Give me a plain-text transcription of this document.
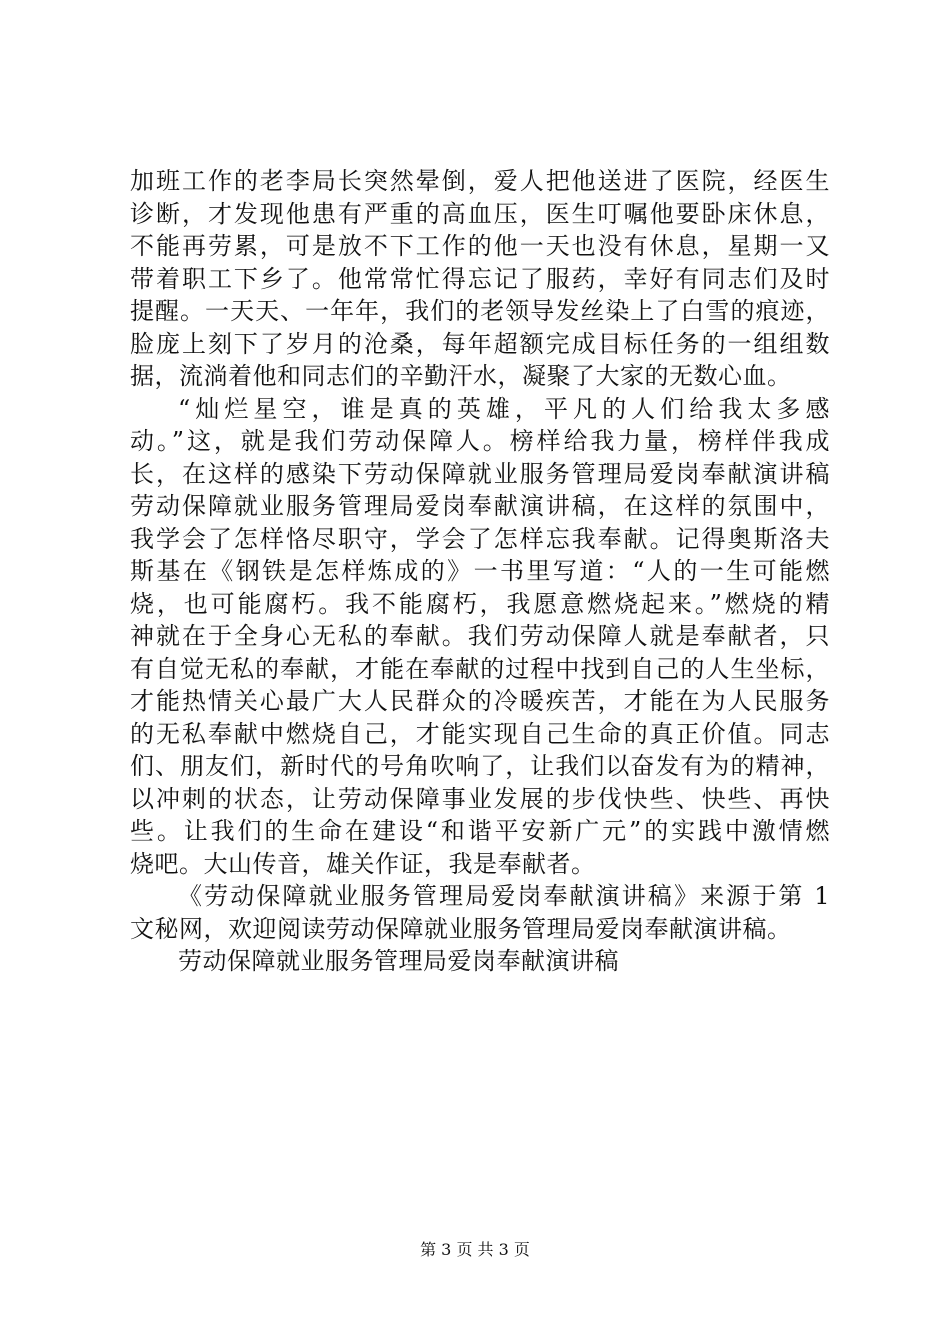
加班工作的老李局长突然晕倒，爱人把他送进了医院，经医生
诊断，才发现他患有严重的高血压，医生叮嘱他要卧床休息，
不能再劳累，可是放不下工作的他一天也没有休息，星期一又
带着职工下乡了。他常常忙得忘记了服药，幸好有同志们及时
提醒。一天天、一年年，我们的老领导发丝染上了白雪的痕迹，
脸庞上刻下了岁月的沧桑，每年超额完成目标任务的一组组数
据，流淌着他和同志们的辛勤汗水，凝聚了大家的无数心血。
“灿烂星空，谁是真的英雄，平凡的人们给我太多感
动。”这，就是我们劳动保障人。榜样给我力量，榜样伴我成
长，在这样的感染下劳动保障就业服务管理局爱岗奉献演讲稿
劳动保障就业服务管理局爱岗奉献演讲稿，在这样的氛围中，
我学会了怎样恪尽职守，学会了怎样忘我奉献。记得奥斯洛夫
斯基在《钢铁是怎样炼成的》一书里写道：“人的一生可能燃
烧，也可能腐朽。我不能腐朽，我愿意燃烧起来。”燃烧的精
神就在于全身心无私的奉献。我们劳动保障人就是奉献者，只
有自觉无私的奉献，才能在奉献的过程中找到自己的人生坐标，
才能热情关心最广大人民群众的冷暖疾苦，才能在为人民服务
的无私奉献中燃烧自己，才能实现自己生命的真正价值。同志
们、朋友们，新时代的号角吹响了，让我们以奋发有为的精神，
以冲刺的状态，让劳动保障事业发展的步伐快些、快些、再快
些。让我们的生命在建设“和谐平安新广元”的实践中激情燃
烧吧。大山传音，雄关作证，我是奉献者。
《劳动保障就业服务管理局爱岗奉献演讲稿》来源于第 1
文秘网，欢迎阅读劳动保障就业服务管理局爱岗奉献演讲稿。
劳动保障就业服务管理局爱岗奉献演讲稿
第 3 页 共 3 页
